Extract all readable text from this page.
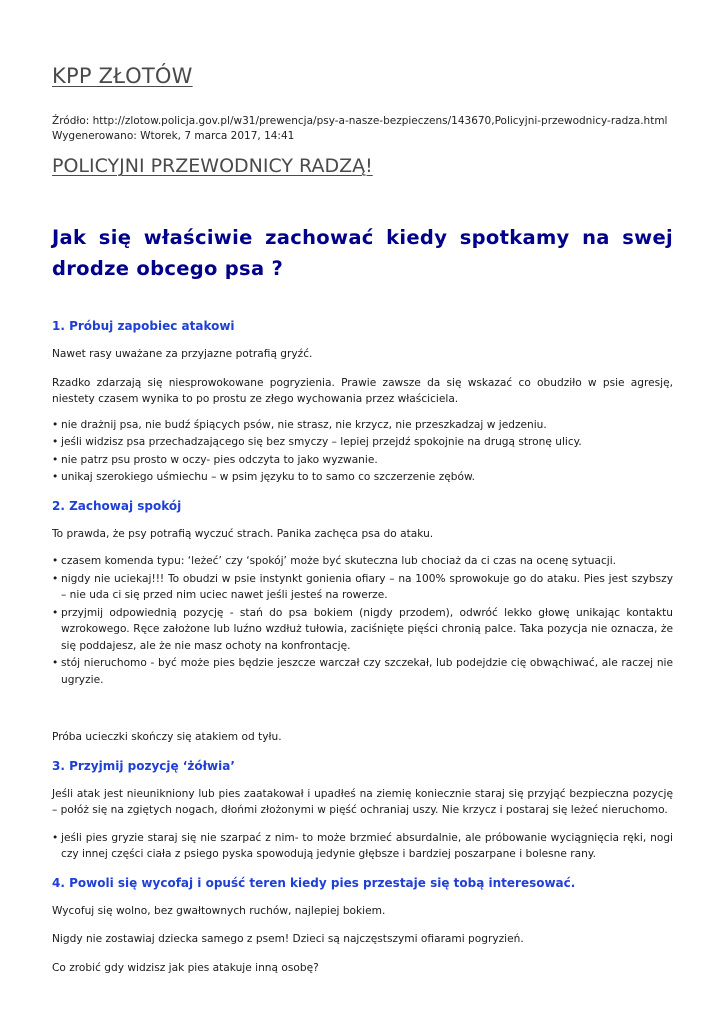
KPP ZŁOTÓW
Źródło: http://zlotow.policja.gov.pl/w31/prewencja/psy-a-nasze-bezpieczens/143670,Policyjni-przewodnicy-radza.html
Wygenerowano: Wtorek, 7 marca 2017, 14:41
POLICYJNI PRZEWODNICY RADZĄ!
Jak się właściwie zachować kiedy spotkamy na swej drodze obcego psa ?
1. Próbuj zapobiec atakowi

Nawet rasy uważane za przyjazne potrafią gryźć.

Rzadko zdarzają się niesprowokowane pogryzienia. Prawie zawsze da się wskazać co obudziło w psie agresję, niestety czasem wynika to po prostu ze złego wychowania przez właściciela.

• nie drażnij psa, nie budź śpiących psów, nie strasz, nie krzycz, nie przeszkadzaj w jedzeniu.
• jeśli widzisz psa przechadzającego się bez smyczy – lepiej przejdź spokojnie na drugą stronę ulicy.
• nie patrz psu prosto w oczy- pies odczyta to jako wyzwanie.
• unikaj szerokiego uśmiechu – w psim języku to to samo co szczerzenie zębów.
2. Zachowaj spokój

To prawda, że psy potrafią wyczuć strach. Panika zachęca psa do ataku.

• czasem komenda typu: ‘leżeć’ czy ‘spokój’ może być skuteczna lub chociaż da ci czas na ocenę sytuacji.
• nigdy nie uciekaj!!! To obudzi w psie instynkt gonienia ofiary – na 100% sprowokuje go do ataku. Pies jest szybszy – nie uda ci się przed nim uciec nawet jeśli jesteś na rowerze.
• przyjmij odpowiednią pozycję - stań do psa bokiem (nigdy przodem), odwróć lekko głowę unikając kontaktu wzrokowego. Ręce założone lub luźno wzdłuż tułowia, zaciśnięte pięści chronią palce. Taka pozycja nie oznacza, że się poddajesz, ale że nie masz ochoty na konfrontację.
• stój nieruchomo - być może pies będzie jeszcze warczał czy szczekał, lub podejdzie cię obwąchiwać, ale raczej nie ugryzie.

Próba ucieczki skończy się atakiem od tyłu.

3. Przyjmij pozycję ‘żółwia’

Jeśli atak jest nieunikniony lub pies zaatakował i upadłeś na ziemię koniecznie staraj się przyjąć bezpieczna pozycję – połóż się na zgiętych nogach, dłońmi złożonymi w pięść ochraniaj uszy. Nie krzycz i postaraj się leżeć nieruchomo.

• jeśli pies gryzie staraj się nie szarpać z nim- to może brzmieć absurdalnie, ale próbowanie wyciągnięcia ręki, nogi czy innej części ciała z psiego pyska spowodują jedynie głębsze i bardziej poszarpane i bolesne rany.
4. Powoli się wycofaj i opuść teren kiedy pies przestaje się tobą interesować.

Wycofuj się wolno, bez gwałtownych ruchów, najlepiej bokiem.

Nigdy nie zostawiaj dziecka samego z psem! Dzieci są najczęstszymi ofiarami pogryzień.

Co zrobić gdy widzisz jak pies atakuje inną osobę?
